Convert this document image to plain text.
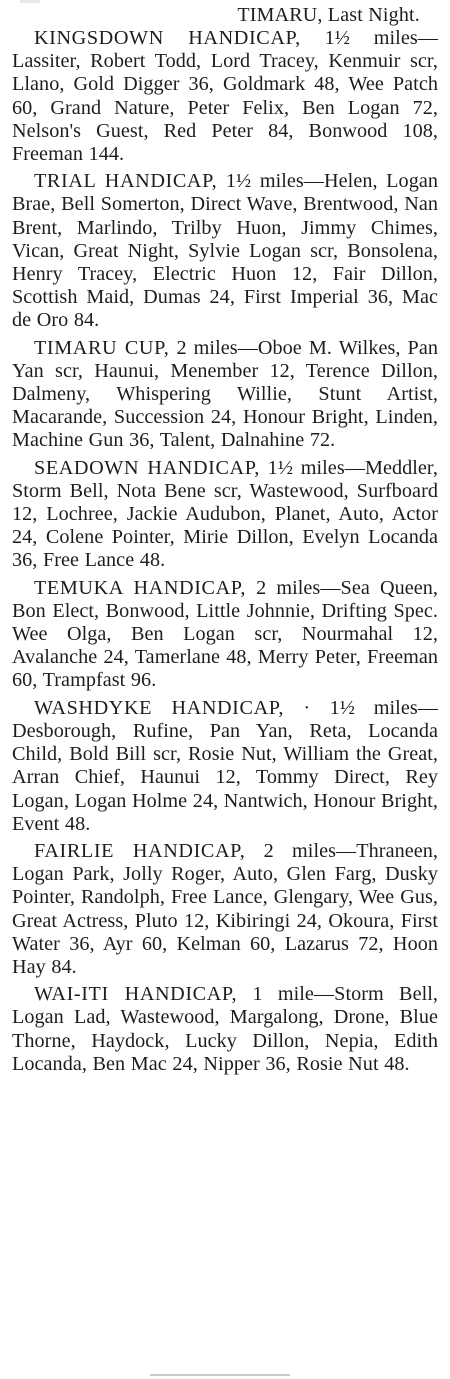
TIMARU, Last Night.

KINGSDOWN HANDICAP, 1½ miles—Lassiter, Robert Todd, Lord Tracey, Kenmuir scr, Llano, Gold Digger 36, Goldmark 48, Wee Patch 60, Grand Nature, Peter Felix, Ben Logan 72, Nelson's Guest, Red Peter 84, Bonwood 108, Freeman 144.

TRIAL HANDICAP, 1½ miles—Helen, Logan Brae, Bell Somerton, Direct Wave, Brentwood, Nan Brent, Marlindo, Trilby Huon, Jimmy Chimes, Vican, Great Night, Sylvie Logan scr, Bonsolena, Henry Tracey, Electric Huon 12, Fair Dillon, Scottish Maid, Dumas 24, First Imperial 36, Mac de Oro 84.

TIMARU CUP, 2 miles—Oboe M. Wilkes, Pan Yan scr, Haunui, Menember 12, Terence Dillon, Dalmeny, Whispering Willie, Stunt Artist, Macarande, Succession 24, Honour Bright, Linden, Machine Gun 36, Talent, Dalnahine 72.

SEADOWN HANDICAP, 1½ miles—Meddler, Storm Bell, Nota Bene scr, Wastewood, Surfboard 12, Lochree, Jackie Audubon, Planet, Auto, Actor 24, Colene Pointer, Mirie Dillon, Evelyn Locanda 36, Free Lance 48.

TEMUKA HANDICAP, 2 miles—Sea Queen, Bon Elect, Bonwood, Little Johnnie, Drifting Spec. Wee Olga, Ben Logan scr, Nourmahal 12, Avalanche 24, Tamerlane 48, Merry Peter, Freeman 60, Trampfast 96.

WASHDYKE HANDICAP, · 1½ miles— Desborough, Rufine, Pan Yan, Reta, Locanda Child, Bold Bill scr, Rosie Nut, William the Great, Arran Chief, Haunui 12, Tommy Direct, Rey Logan, Logan Holme 24, Nantwich, Honour Bright, Event 48.

FAIRLIE HANDICAP, 2 miles—Thraneen, Logan Park, Jolly Roger, Auto, Glen Farg, Dusky Pointer, Randolph, Free Lance, Glengary, Wee Gus, Great Actress, Pluto 12, Kibiringi 24, Okoura, First Water 36, Ayr 60, Kelman 60, Lazarus 72, Hoon Hay 84.

WAI-ITI HANDICAP, 1 mile—Storm Bell, Logan Lad, Wastewood, Margalong, Drone, Blue Thorne, Haydock, Lucky Dillon, Nepia, Edith Locanda, Ben Mac 24, Nipper 36, Rosie Nut 48.
